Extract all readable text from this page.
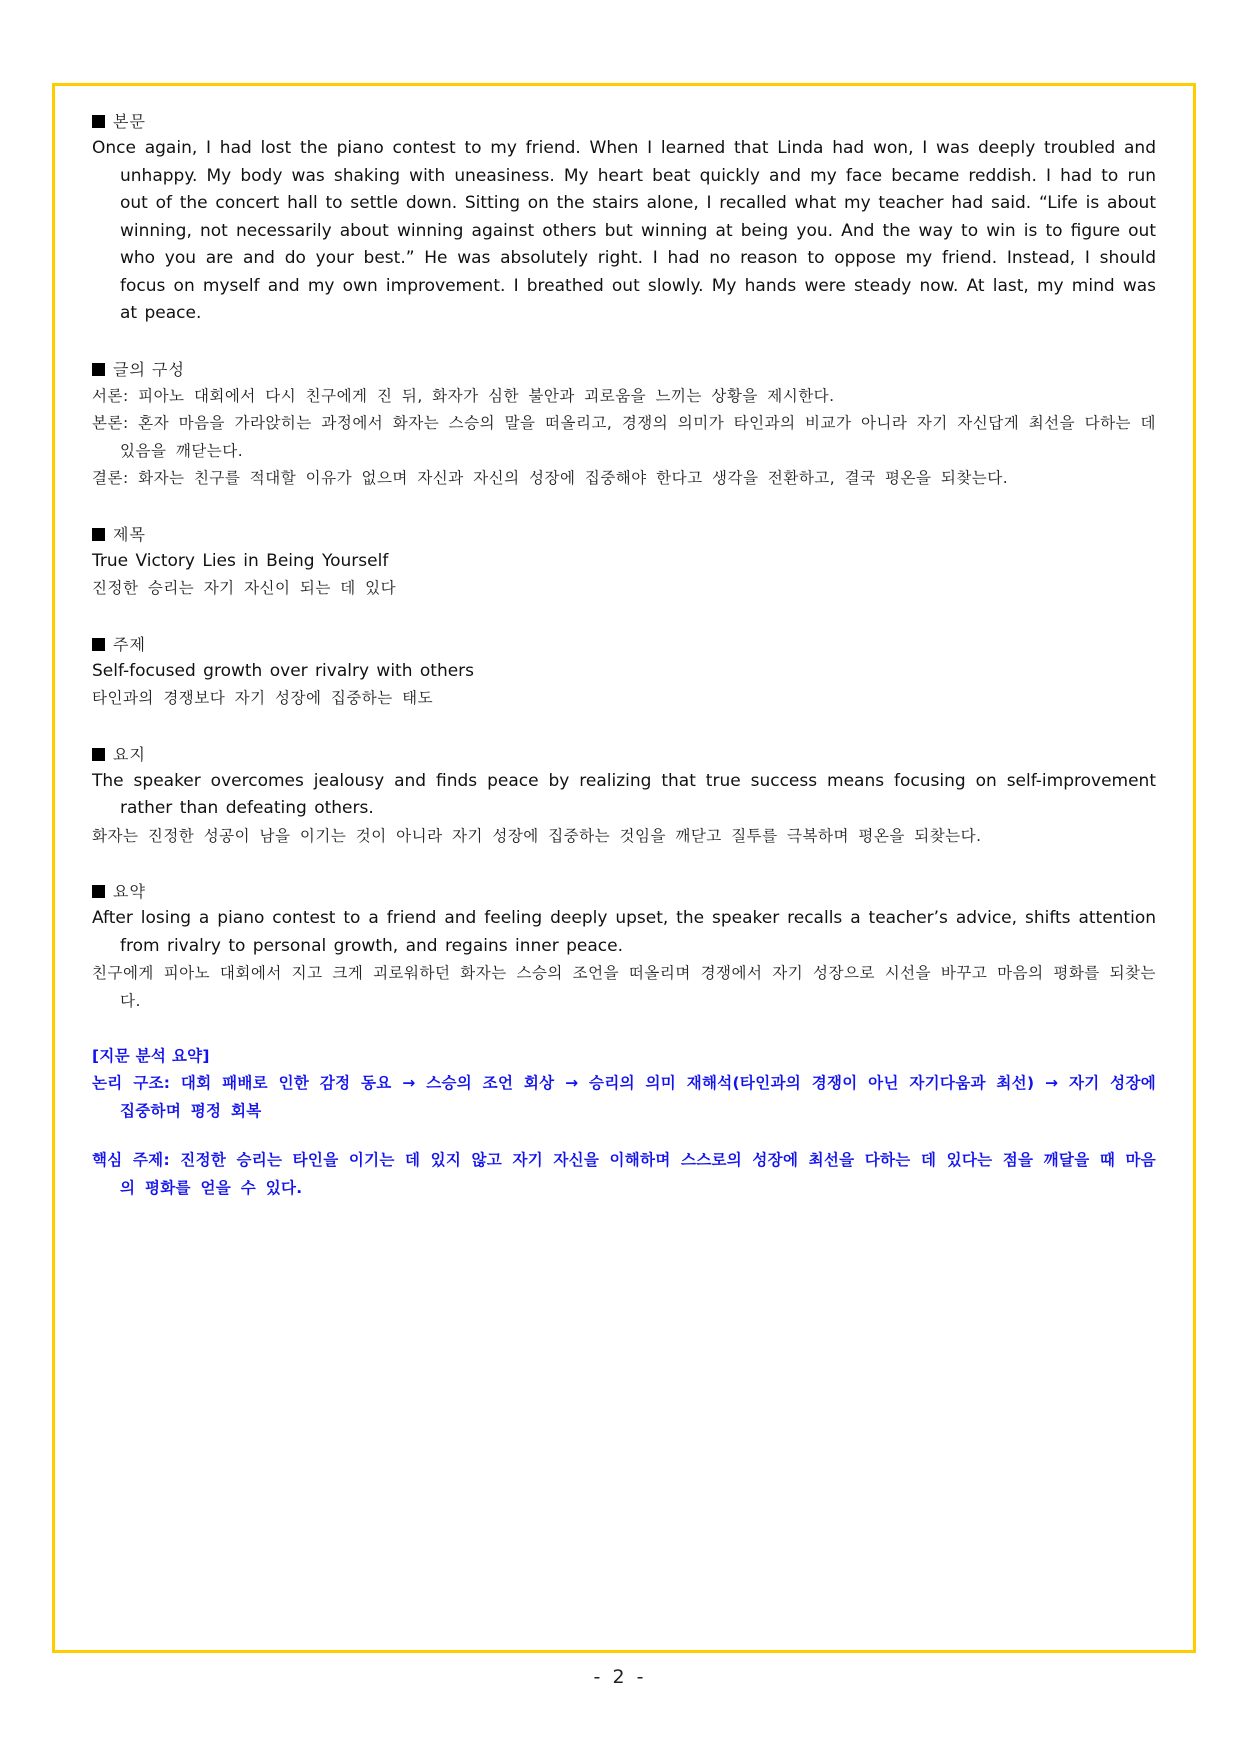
본문
Once again, I had lost the piano contest to my friend. When I learned that Linda had won, I was deeply troubled and unhappy. My body was shaking with uneasiness. My heart beat quickly and my face became reddish. I had to run out of the concert hall to settle down. Sitting on the stairs alone, I recalled what my teacher had said. “Life is about winning, not necessarily about winning against others but winning at being you. And the way to win is to figure out who you are and do your best.” He was absolutely right. I had no reason to oppose my friend. Instead, I should focus on myself and my own improvement. I breathed out slowly. My hands were steady now. At last, my mind was at peace.
글의 구성
서론: 피아노 대회에서 다시 친구에게 진 뒤, 화자가 심한 불안과 괴로움을 느끼는 상황을 제시한다.
본론: 혼자 마음을 가라앉히는 과정에서 화자는 스승의 말을 떠올리고, 경쟁의 의미가 타인과의 비교가 아니라 자기 자신답게 최선을 다하는 데 있음을 깨닫는다.
결론: 화자는 친구를 적대할 이유가 없으며 자신과 자신의 성장에 집중해야 한다고 생각을 전환하고, 결국 평온을 되찾는다.
제목
True Victory Lies in Being Yourself
진정한 승리는 자기 자신이 되는 데 있다
주제
Self-focused growth over rivalry with others
타인과의 경쟁보다 자기 성장에 집중하는 태도
요지
The speaker overcomes jealousy and finds peace by realizing that true success means focusing on self-improvement rather than defeating others.
화자는 진정한 성공이 남을 이기는 것이 아니라 자기 성장에 집중하는 것임을 깨닫고 질투를 극복하며 평온을 되찾는다.
요약
After losing a piano contest to a friend and feeling deeply upset, the speaker recalls a teacher’s advice, shifts attention from rivalry to personal growth, and regains inner peace.
친구에게 피아노 대회에서 지고 크게 괴로워하던 화자는 스승의 조언을 떠올리며 경쟁에서 자기 성장으로 시선을 바꾸고 마음의 평화를 되찾는다.
[지문 분석 요약]
논리 구조: 대회 패배로 인한 감정 동요 → 스승의 조언 회상 → 승리의 의미 재해석(타인과의 경쟁이 아닌 자기다움과 최선) → 자기 성장에 집중하며 평정 회복
핵심 주제: 진정한 승리는 타인을 이기는 데 있지 않고 자기 자신을 이해하며 스스로의 성장에 최선을 다하는 데 있다는 점을 깨달을 때 마음의 평화를 얻을 수 있다.
- 2 -
